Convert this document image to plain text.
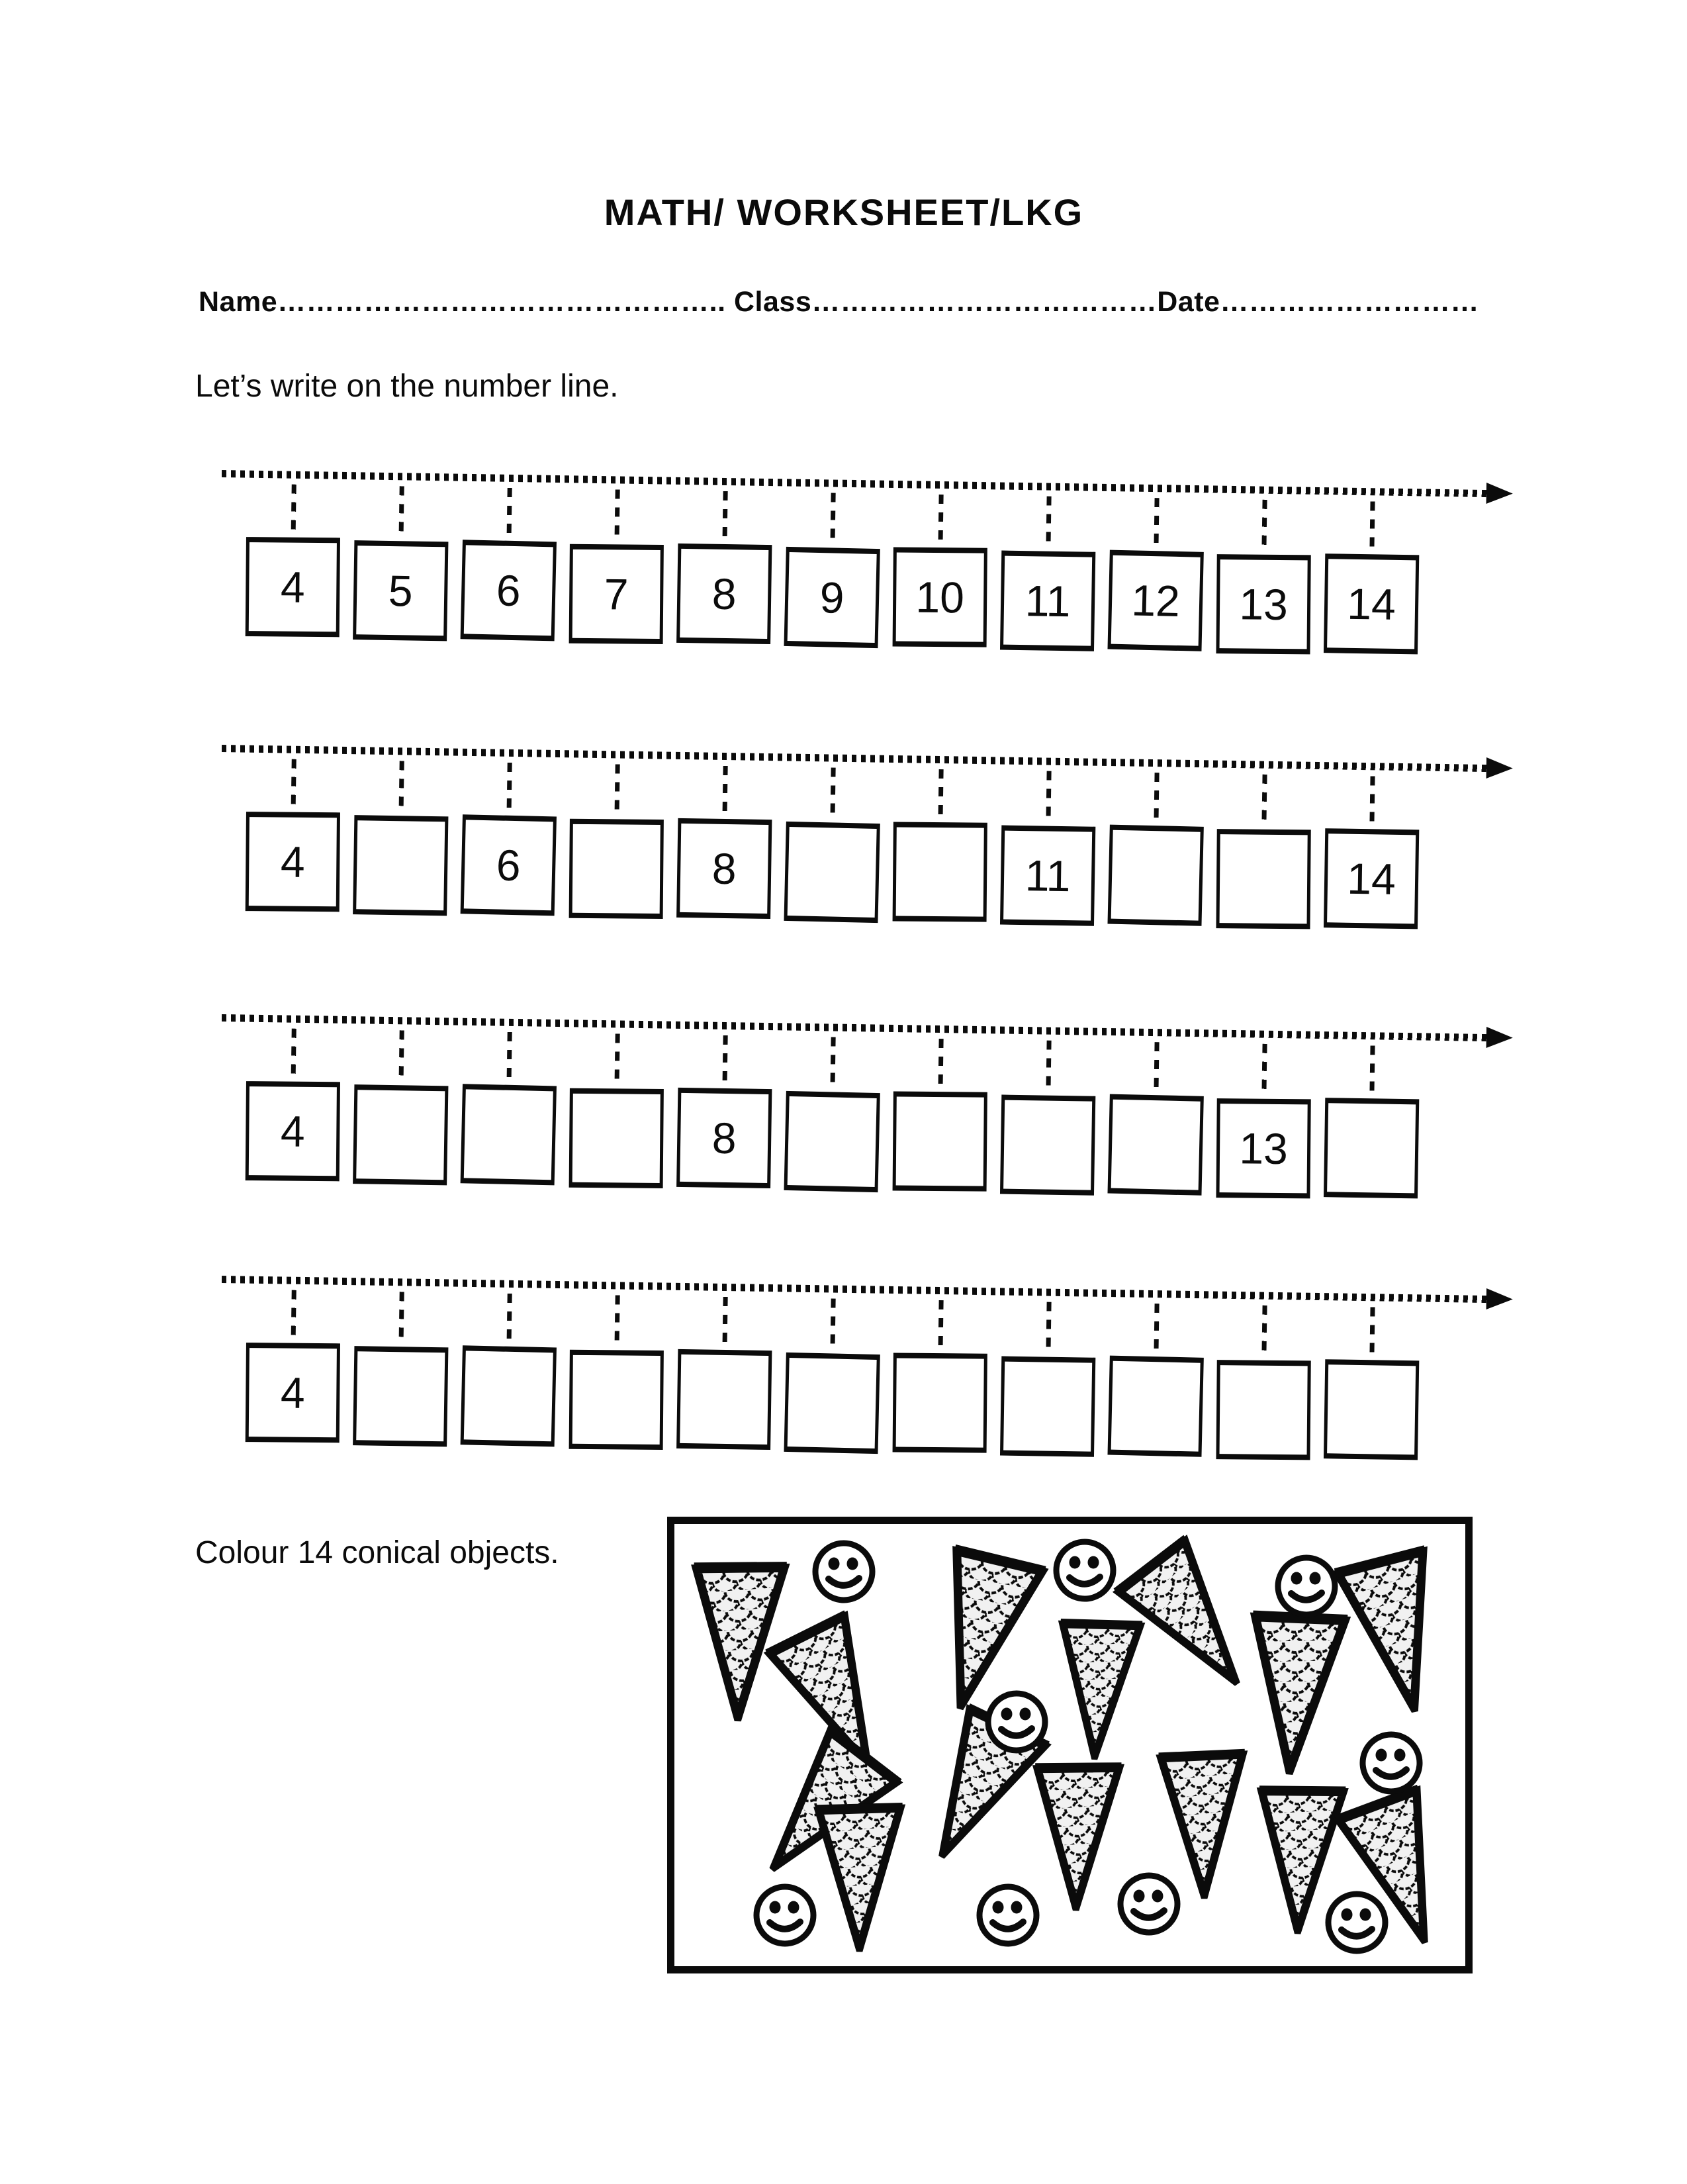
MATH/ WORKSHEET/LKG
Name……………………………………….. Class………………………………Date………………………
Let’s write on the number line.
4	5	6	7	8	9	10	11	12	13	14
4	6	8	11	14
4	8	13
4
Colour 14 conical objects.
